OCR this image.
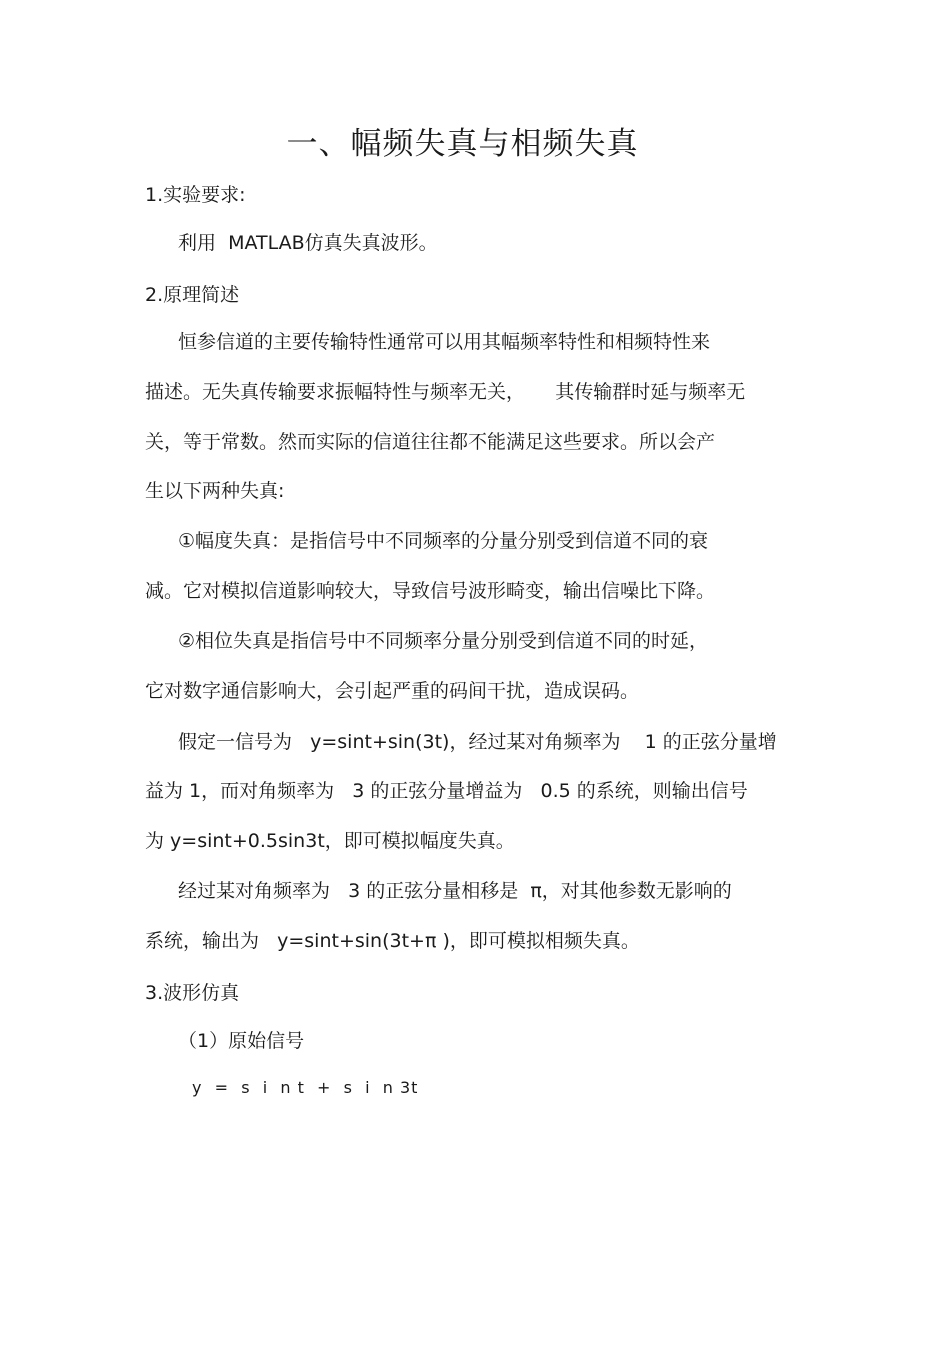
一、幅频失真与相频失真
1.实验要求:
利用  MATLAB仿真失真波形。
2.原理简述
恒参信道的主要传输特性通常可以用其幅频率特性和相频特性来
描述。无失真传输要求振幅特性与频率无关，     其传输群时延与频率无
关，等于常数。然而实际的信道往往都不能满足这些要求。所以会产
生以下两种失真:
①幅度失真：是指信号中不同频率的分量分别受到信道不同的衰
减。它对模拟信道影响较大，导致信号波形畸变，输出信噪比下降。
②相位失真是指信号中不同频率分量分别受到信道不同的时延，
它对数字通信影响大，会引起严重的码间干扰，造成误码。
假定一信号为   y=sint+sin(3t)，经过某对角频率为    1 的正弦分量增
益为 1，而对角频率为   3 的正弦分量增益为   0.5 的系统，则输出信号
为 y=sint+0.5sin3t，即可模拟幅度失真。
经过某对角频率为   3 的正弦分量相移是  π，对其他参数无影响的
系统，输出为   y=sint+sin(3t+π )，即可模拟相频失真。
3.波形仿真
（1）原始信号
y  =  s  i  n t  +  s  i  n 3t
